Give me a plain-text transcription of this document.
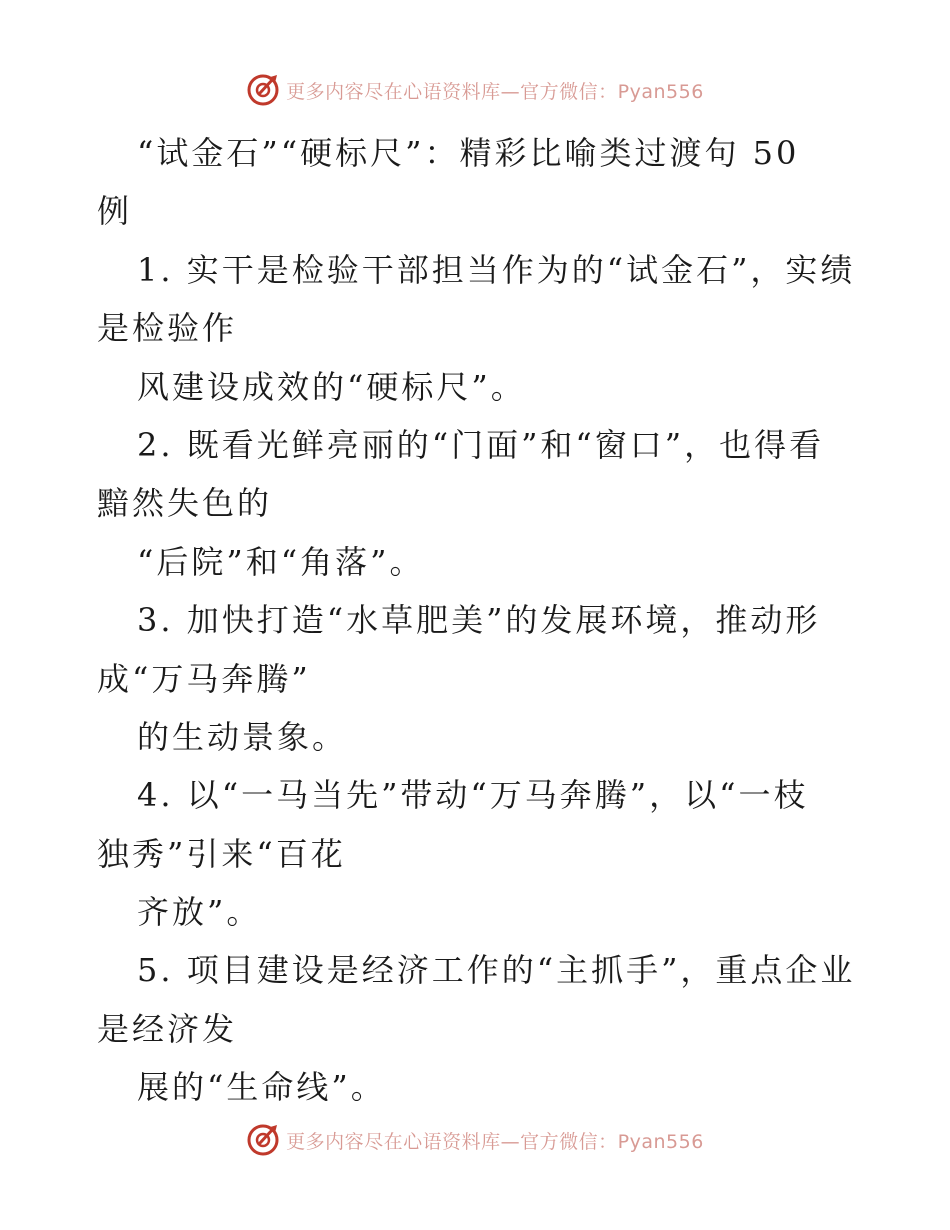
更多内容尽在心语资料库—官方微信：Pyan556
“试金石”“硬标尺”：精彩比喻类过渡句 50
例
1. 实干是检验干部担当作为的“试金石”，实绩
是检验作
风建设成效的“硬标尺”。
2. 既看光鲜亮丽的“门面”和“窗口”，也得看
黯然失色的
“后院”和“角落”。
3. 加快打造“水草肥美”的发展环境，推动形
成“万马奔腾”
的生动景象。
4. 以“一马当先”带动“万马奔腾”，以“一枝
独秀”引来“百花
齐放”。
5. 项目建设是经济工作的“主抓手”，重点企业
是经济发
展的“生命线”。
更多内容尽在心语资料库—官方微信：Pyan556
